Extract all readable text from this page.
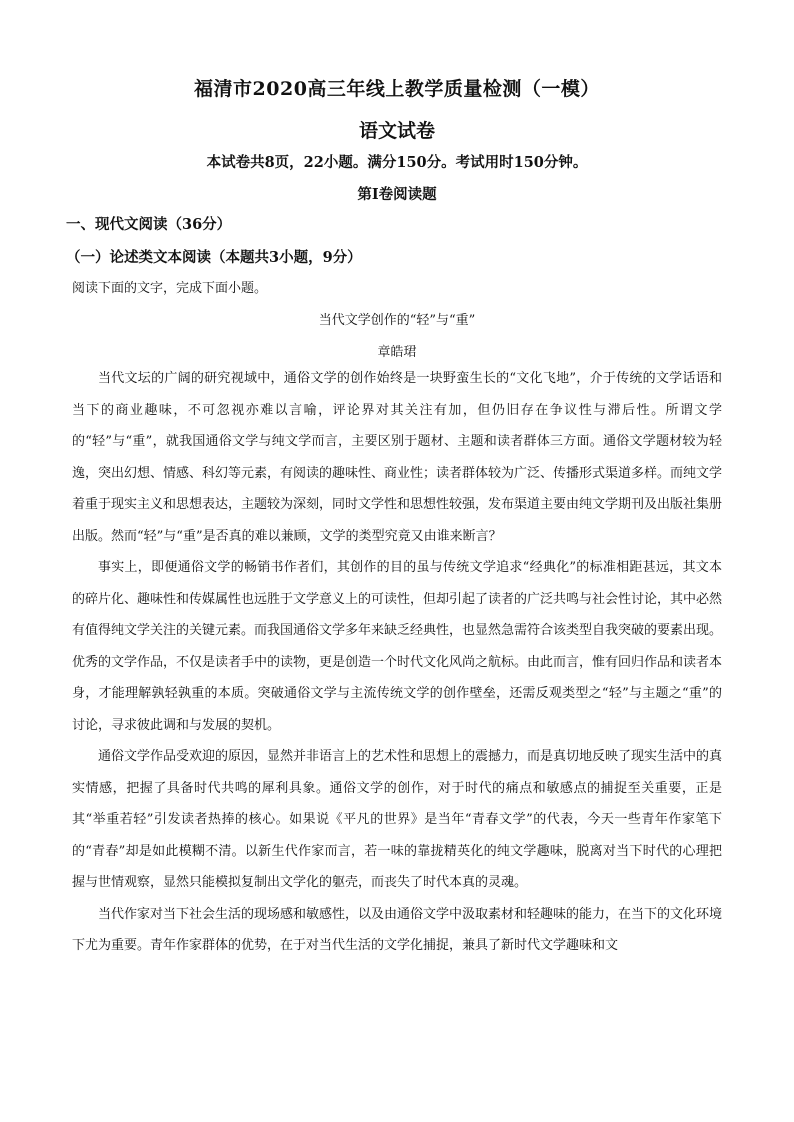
福清市2020高三年线上教学质量检测（一模）
语文试卷
本试卷共8页，22小题。满分150分。考试用时150分钟。
第Ⅰ卷阅读题
一、现代文阅读（36分）
（一）论述类文本阅读（本题共3小题，9分）
阅读下面的文字，完成下面小题。
当代文学创作的“轻”与“重”
章皓珺

当代文坛的广阔的研究视域中，通俗文学的创作始终是一块野蛮生长的“文化飞地”，介于传统的文学话语和当下的商业趣味，不可忽视亦难以言喻，评论界对其关注有加，但仍旧存在争议性与滞后性。所谓文学的“轻”与“重”，就我国通俗文学与纯文学而言，主要区别于题材、主题和读者群体三方面。通俗文学题材较为轻逸，突出幻想、情感、科幻等元素，有阅读的趣味性、商业性；读者群体较为广泛、传播形式渠道多样。而纯文学着重于现实主义和思想表达，主题较为深刻，同时文学性和思想性较强，发布渠道主要由纯文学期刊及出版社集册出版。然而“轻”与“重”是否真的难以兼顾，文学的类型究竟又由谁来断言？

事实上，即便通俗文学的畅销书作者们，其创作的目的虽与传统文学追求“经典化”的标准相距甚远，其文本的碎片化、趣味性和传媒属性也远胜于文学意义上的可读性，但却引起了读者的广泛共鸣与社会性讨论，其中必然有值得纯文学关注的关键元素。而我国通俗文学多年来缺乏经典性，也显然急需符合该类型自我突破的要素出现。优秀的文学作品，不仅是读者手中的读物，更是创造一个时代文化风尚之航标。由此而言，惟有回归作品和读者本身，才能理解孰轻孰重的本质。突破通俗文学与主流传统文学的创作壁垒，还需反观类型之“轻”与主题之“重”的讨论，寻求彼此调和与发展的契机。

通俗文学作品受欢迎的原因，显然并非语言上的艺术性和思想上的震撼力，而是真切地反映了现实生活中的真实情感，把握了具备时代共鸣的犀利具象。通俗文学的创作，对于时代的痛点和敏感点的捕捉至关重要，正是其“举重若轻”引发读者热捧的核心。如果说《平凡的世界》是当年“青春文学”的代表，今天一些青年作家笔下的“青春”却是如此模糊不清。以新生代作家而言，若一味的靠拢精英化的纯文学趣味，脱离对当下时代的心理把握与世情观察，显然只能模拟复制出文学化的躯壳，而丧失了时代本真的灵魂。

当代作家对当下社会生活的现场感和敏感性，以及由通俗文学中汲取素材和轻趣味的能力，在当下的文化环境下尤为重要。青年作家群体的优势，在于对当代生活的文学化捕捉，兼具了新时代文学趣味和文
